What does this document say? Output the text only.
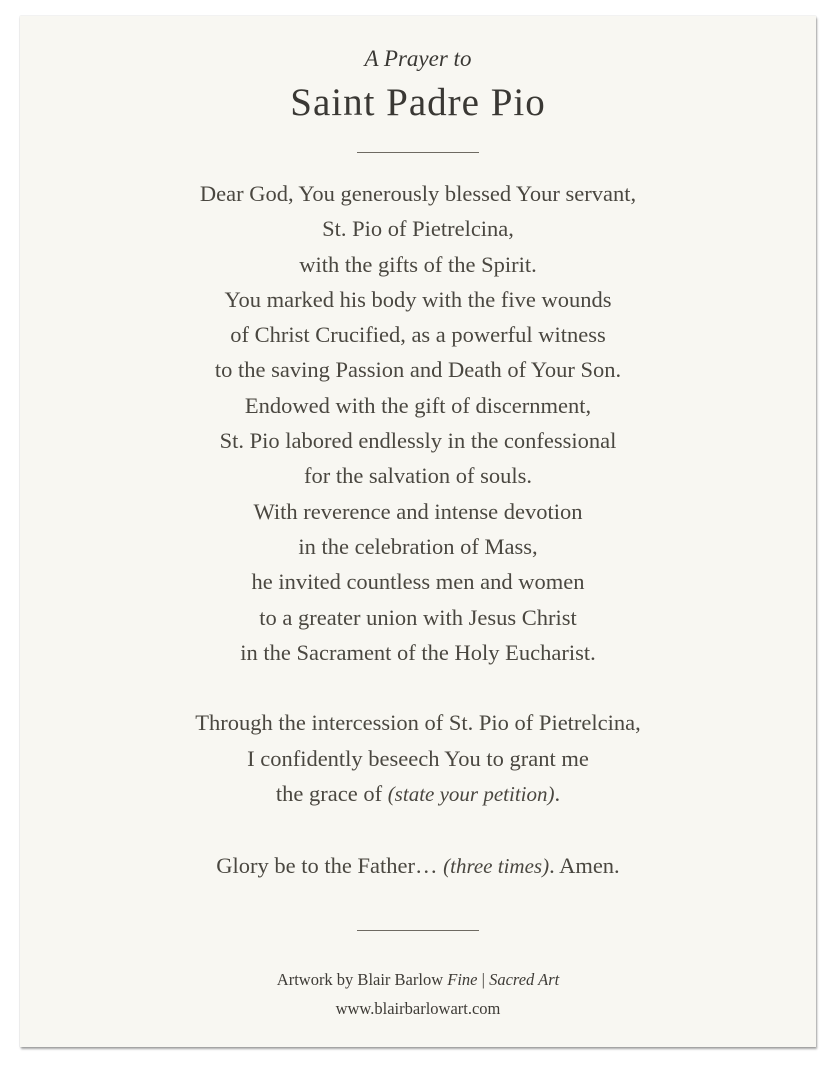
A Prayer to
Saint Padre Pio
Dear God, You generously blessed Your servant,
St. Pio of Pietrelcina,
with the gifts of the Spirit.
You marked his body with the five wounds
of Christ Crucified, as a powerful witness
to the saving Passion and Death of Your Son.
Endowed with the gift of discernment,
St. Pio labored endlessly in the confessional
for the salvation of souls.
With reverence and intense devotion
in the celebration of Mass,
he invited countless men and women
to a greater union with Jesus Christ
in the Sacrament of the Holy Eucharist.
Through the intercession of St. Pio of Pietrelcina,
I confidently beseech You to grant me
the grace of (state your petition).
Glory be to the Father… (three times). Amen.
Artwork by Blair Barlow Fine | Sacred Art
www.blairbarlowart.com
